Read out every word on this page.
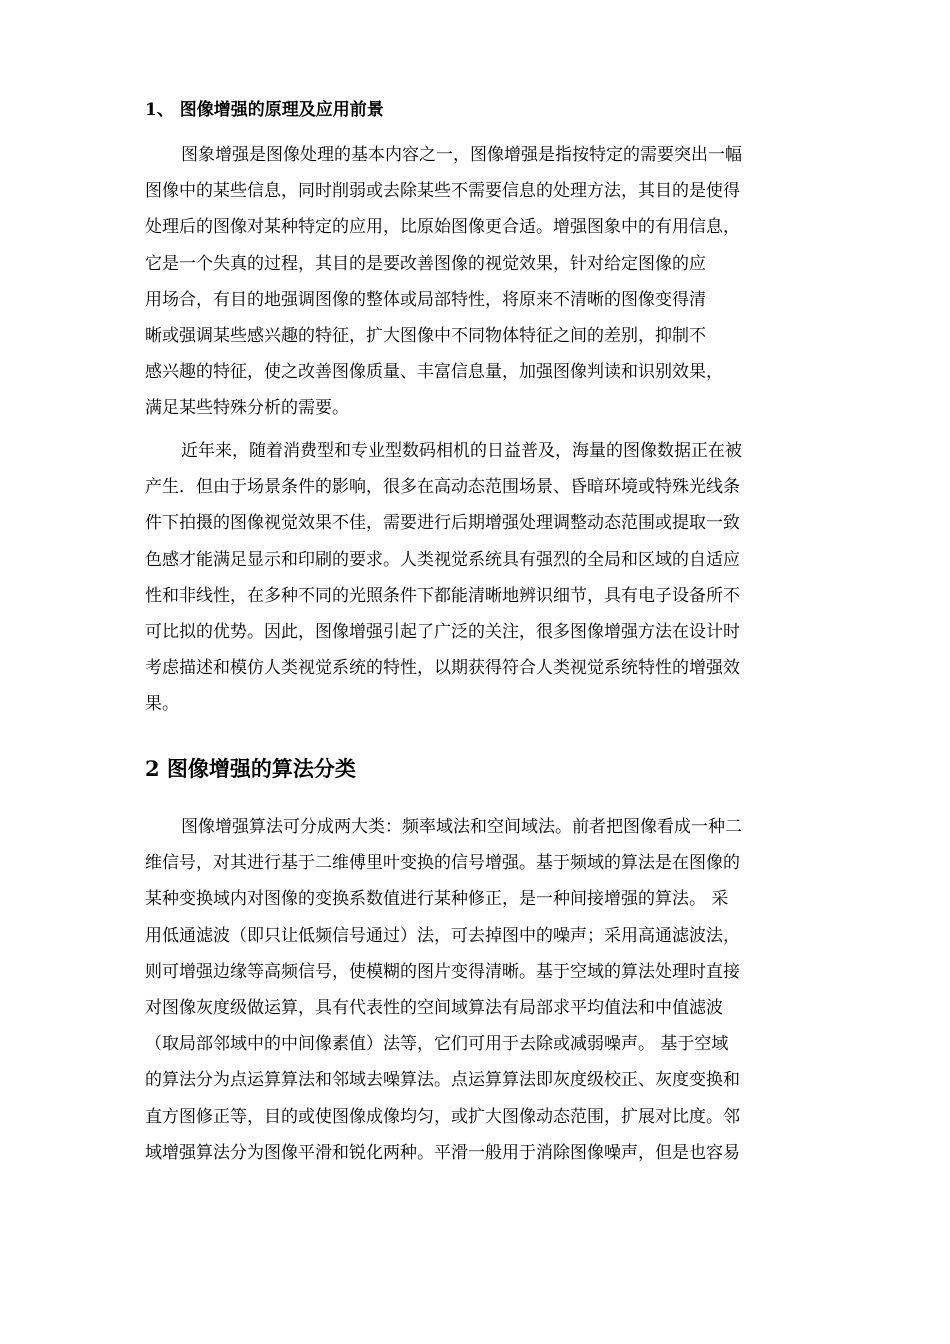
1、 图像增强的原理及应用前景
图象增强是图像处理的基本内容之一，图像增强是指按特定的需要突出一幅
图像中的某些信息，同时削弱或去除某些不需要信息的处理方法，其目的是使得
处理后的图像对某种特定的应用，比原始图像更合适。增强图象中的有用信息，
它是一个失真的过程，其目的是要改善图像的视觉效果，针对给定图像的应
用场合，有目的地强调图像的整体或局部特性，将原来不清晰的图像变得清
晰或强调某些感兴趣的特征，扩大图像中不同物体特征之间的差别，抑制不
感兴趣的特征，使之改善图像质量、丰富信息量，加强图像判读和识别效果，
满足某些特殊分析的需要。
近年来，随着消费型和专业型数码相机的日益普及，海量的图像数据正在被
产生．但由于场景条件的影响，很多在高动态范围场景、昏暗环境或特殊光线条
件下拍摄的图像视觉效果不佳，需要进行后期增强处理调整动态范围或提取一致
色感才能满足显示和印刷的要求。人类视觉系统具有强烈的全局和区域的自适应
性和非线性，在多种不同的光照条件下都能清晰地辨识细节，具有电子设备所不
可比拟的优势。因此，图像增强引起了广泛的关注，很多图像增强方法在设计时
考虑描述和模仿人类视觉系统的特性，以期获得符合人类视觉系统特性的增强效
果。
2 图像增强的算法分类
图像增强算法可分成两大类：频率域法和空间域法。前者把图像看成一种二
维信号，对其进行基于二维傅里叶变换的信号增强。基于频域的算法是在图像的
某种变换域内对图像的变换系数值进行某种修正，是一种间接增强的算法。 采
用低通滤波（即只让低频信号通过）法，可去掉图中的噪声；采用高通滤波法，
则可增强边缘等高频信号，使模糊的图片变得清晰。基于空域的算法处理时直接
对图像灰度级做运算，具有代表性的空间域算法有局部求平均值法和中值滤波
（取局部邻域中的中间像素值）法等，它们可用于去除或减弱噪声。 基于空域
的算法分为点运算算法和邻域去噪算法。点运算算法即灰度级校正、灰度变换和
直方图修正等，目的或使图像成像均匀，或扩大图像动态范围，扩展对比度。邻
域增强算法分为图像平滑和锐化两种。平滑一般用于消除图像噪声，但是也容易
